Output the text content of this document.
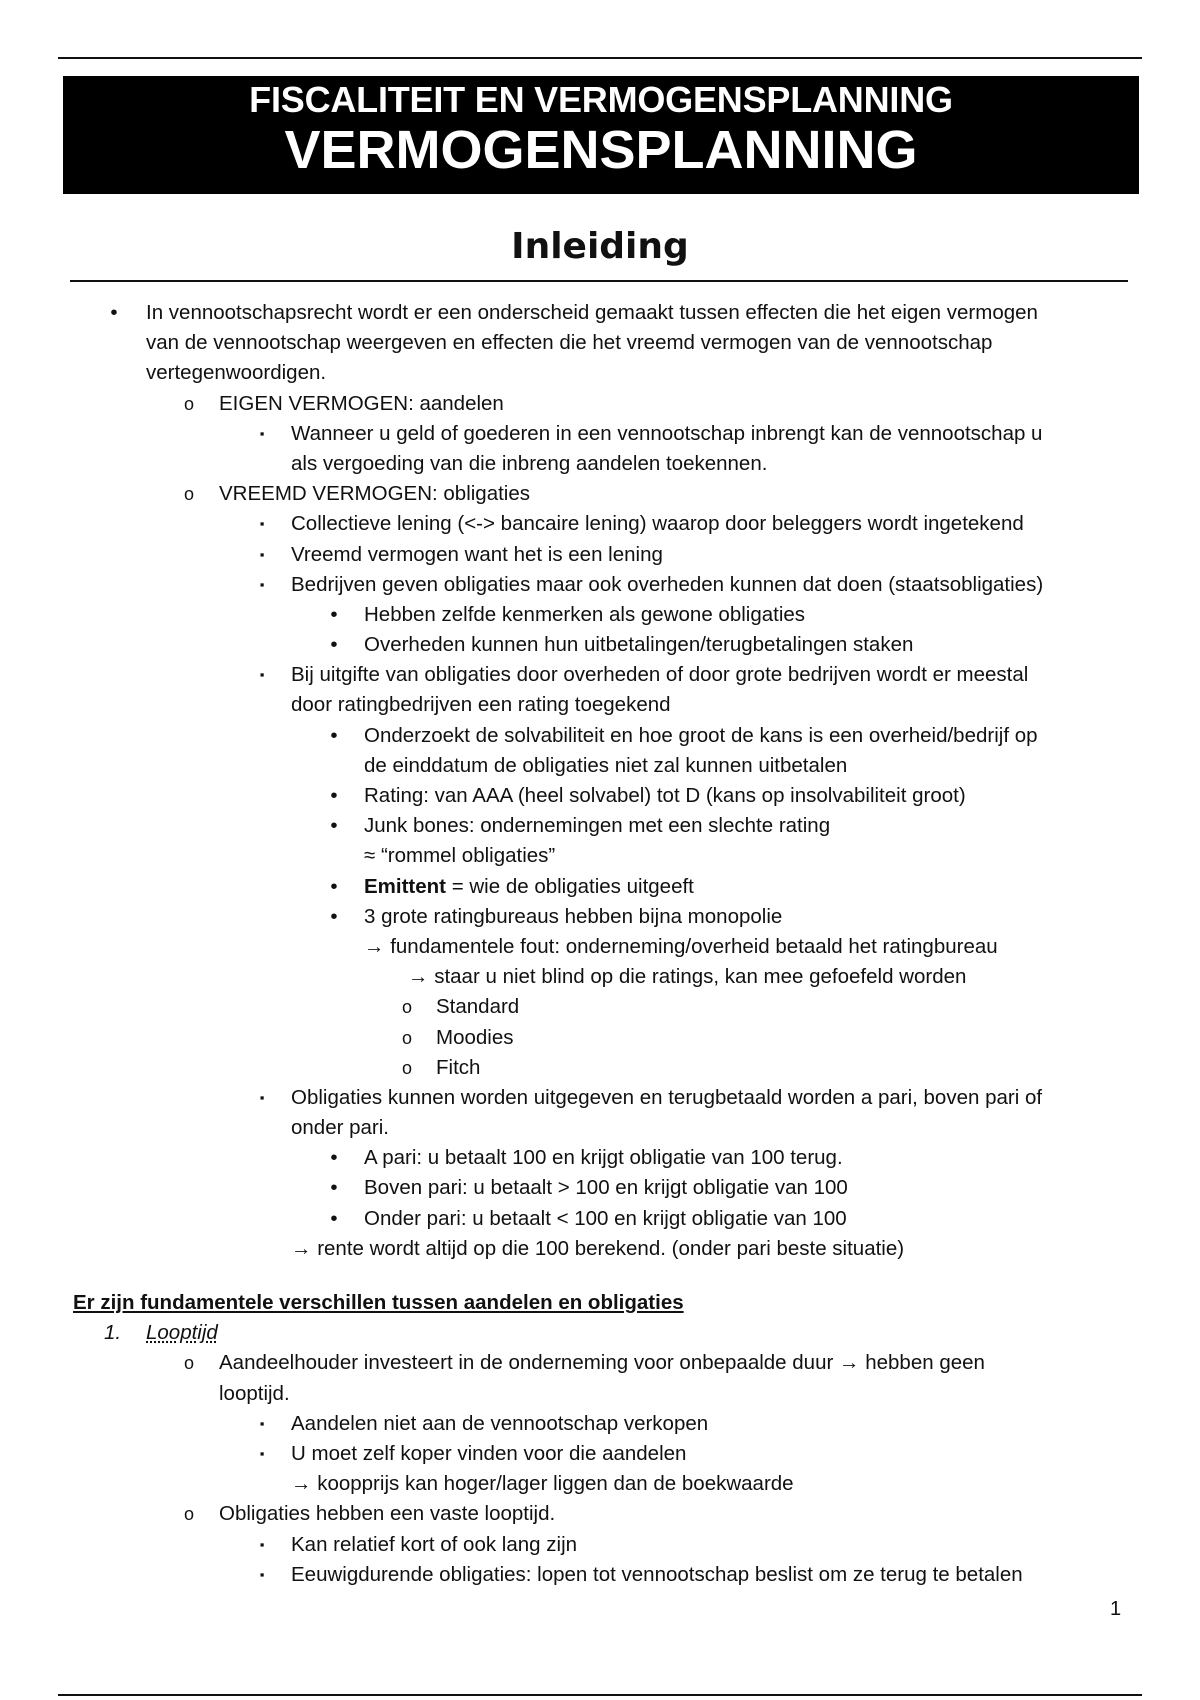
FISCALITEIT EN VERMOGENSPLANNING
VERMOGENSPLANNING
Inleiding
•	In vennootschapsrecht wordt er een onderscheid gemaakt tussen effecten die het eigen vermogen
van de vennootschap weergeven en effecten die het vreemd vermogen van de vennootschap
vertegenwoordigen.
o EIGEN VERMOGEN: aandelen
▪	Wanneer u geld of goederen in een vennootschap inbrengt kan de vennootschap u
als vergoeding van die inbreng aandelen toekennen.
o VREEMD VERMOGEN: obligaties
▪	Collectieve lening (<-> bancaire lening) waarop door beleggers wordt ingetekend
▪	Vreemd vermogen want het is een lening
▪	Bedrijven geven obligaties maar ook overheden kunnen dat doen (staatsobligaties)
•	Hebben zelfde kenmerken als gewone obligaties
•	Overheden kunnen hun uitbetalingen/terugbetalingen staken
▪	Bij uitgifte van obligaties door overheden of door grote bedrijven wordt er meestal
door ratingbedrijven een rating toegekend
•	Onderzoekt de solvabiliteit en hoe groot de kans is een overheid/bedrijf op
de einddatum de obligaties niet zal kunnen uitbetalen
•	Rating: van AAA (heel solvabel) tot D (kans op insolvabiliteit groot)
•	Junk bones: ondernemingen met een slechte rating
≈ “rommel obligaties”
•	Emittent = wie de obligaties uitgeeft
•	3 grote ratingbureaus hebben bijna monopolie
→ fundamentele fout: onderneming/overheid betaald het ratingbureau
→ staar u niet blind op die ratings, kan mee gefoefeld worden
o Standard
o Moodies
o Fitch
▪	Obligaties kunnen worden uitgegeven en terugbetaald worden a pari, boven pari of
onder pari.
•	A pari: u betaalt 100 en krijgt obligatie van 100 terug.
•	Boven pari: u betaalt > 100 en krijgt obligatie van 100
•	Onder pari: u betaalt < 100 en krijgt obligatie van 100
→ rente wordt altijd op die 100 berekend. (onder pari beste situatie)
Er zijn fundamentele verschillen tussen aandelen en obligaties
1. Looptijd
o Aandeelhouder investeert in de onderneming voor onbepaalde duur → hebben geen
looptijd.
▪	Aandelen niet aan de vennootschap verkopen
▪	U moet zelf koper vinden voor die aandelen
→ koopprijs kan hoger/lager liggen dan de boekwaarde
o Obligaties hebben een vaste looptijd.
▪	Kan relatief kort of ook lang zijn
▪	Eeuwigdurende obligaties: lopen tot vennootschap beslist om ze terug te betalen
1
